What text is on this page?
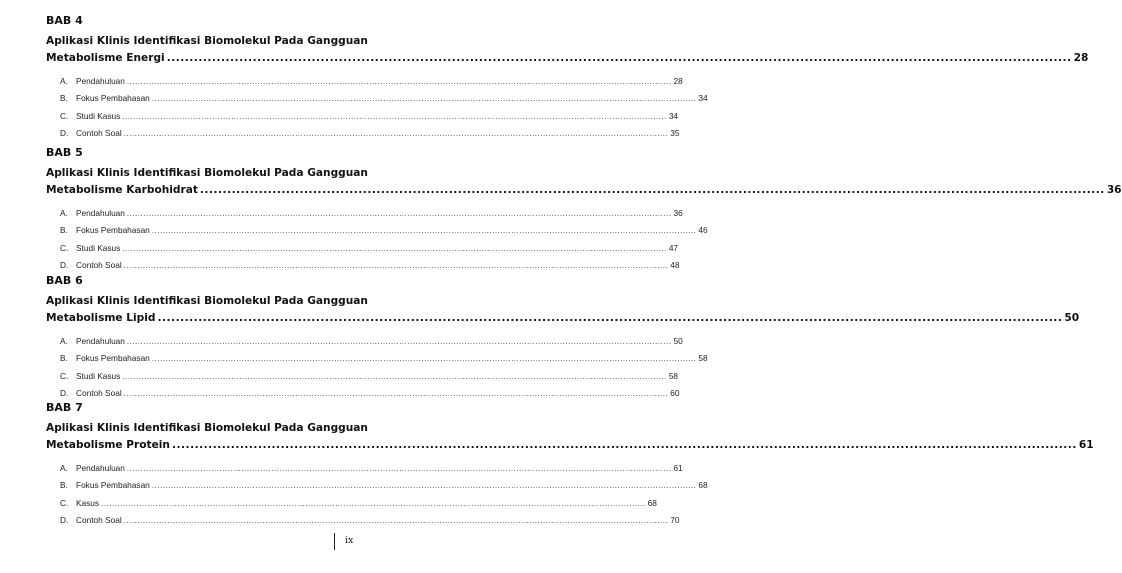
BAB 4
Aplikasi Klinis Identifikasi Biomolekul Pada Gangguan
Metabolisme Energi ........................................................................................................................................................................................................ 28
A. Pendahuluan ........................................................................................................................................................................................................ 28
B. Fokus Pembahasan ........................................................................................................................................................................................................ 34
C. Studi Kasus ........................................................................................................................................................................................................ 34
D. Contoh Soal ........................................................................................................................................................................................................ 35
BAB 5
Aplikasi Klinis Identifikasi Biomolekul Pada Gangguan
Metabolisme Karbohidrat ........................................................................................................................................................................................................ 36
A. Pendahuluan ........................................................................................................................................................................................................ 36
B. Fokus Pembahasan ........................................................................................................................................................................................................ 46
C. Studi Kasus ........................................................................................................................................................................................................ 47
D. Contoh Soal ........................................................................................................................................................................................................ 48
BAB 6
Aplikasi Klinis Identifikasi Biomolekul Pada Gangguan
Metabolisme Lipid ........................................................................................................................................................................................................ 50
A. Pendahuluan ........................................................................................................................................................................................................ 50
B. Fokus Pembahasan ........................................................................................................................................................................................................ 58
C. Studi Kasus ........................................................................................................................................................................................................ 58
D. Contoh Soal ........................................................................................................................................................................................................ 60
BAB 7
Aplikasi Klinis Identifikasi Biomolekul Pada Gangguan
Metabolisme Protein ........................................................................................................................................................................................................ 61
A. Pendahuluan ........................................................................................................................................................................................................ 61
B. Fokus Pembahasan ........................................................................................................................................................................................................ 68
C. Kasus ........................................................................................................................................................................................................ 68
D. Contoh Soal ........................................................................................................................................................................................................ 70
ix
